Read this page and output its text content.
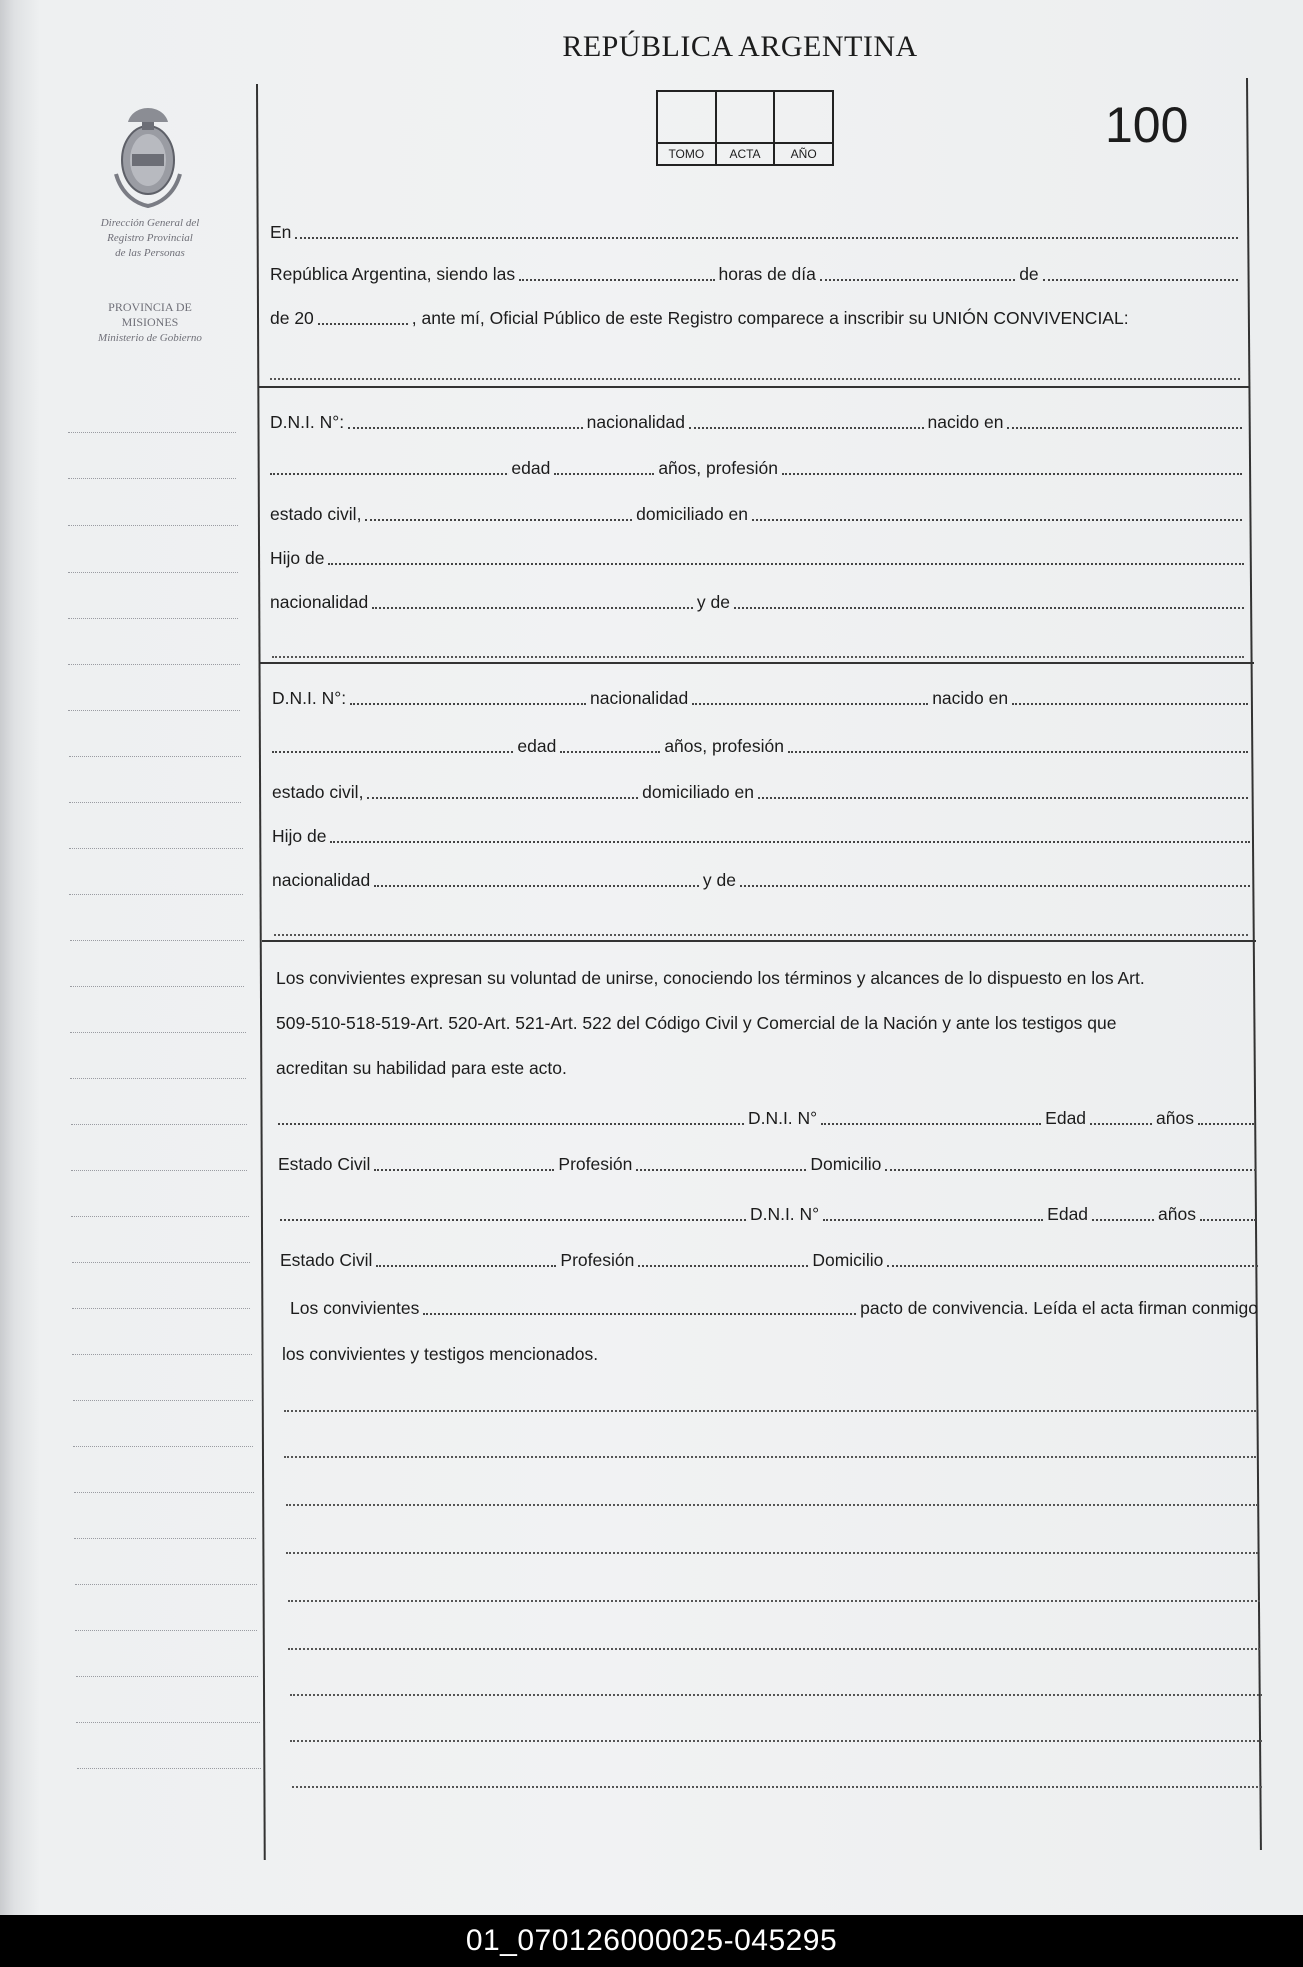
Dirección General del
Registro Provincial
de las Personas
PROVINCIA DE
MISIONES
Ministerio de Gobierno
REPÚBLICA ARGENTINA
TOMO	ACTA	AÑO
100
En
República Argentina, siendo las	horas de día	de
de 20	, ante mí, Oficial Público de este Registro comparece a inscribir su UNIÓN CONVIVENCIAL:
D.N.I. N°:	nacionalidad	nacido en
edad	años, profesión
estado civil,	domiciliado en
Hijo de
nacionalidad	y de
D.N.I. N°:	nacionalidad	nacido en
edad	años, profesión
estado civil,	domiciliado en
Hijo de
nacionalidad	y de
Los convivientes expresan su voluntad de unirse, conociendo los términos y alcances de lo dispuesto en los Art.
509-510-518-519-Art. 520-Art. 521-Art. 522 del Código Civil y Comercial de la Nación y ante los testigos que
acreditan su habilidad para este acto.
D.N.I. N°	Edad	años
Estado Civil	Profesión	Domicilio
D.N.I. N°	Edad	años
Estado Civil	Profesión	Domicilio
Los convivientes	pacto de convivencia. Leída el acta firman conmigo
los convivientes y testigos mencionados.
01_070126000025-045295
